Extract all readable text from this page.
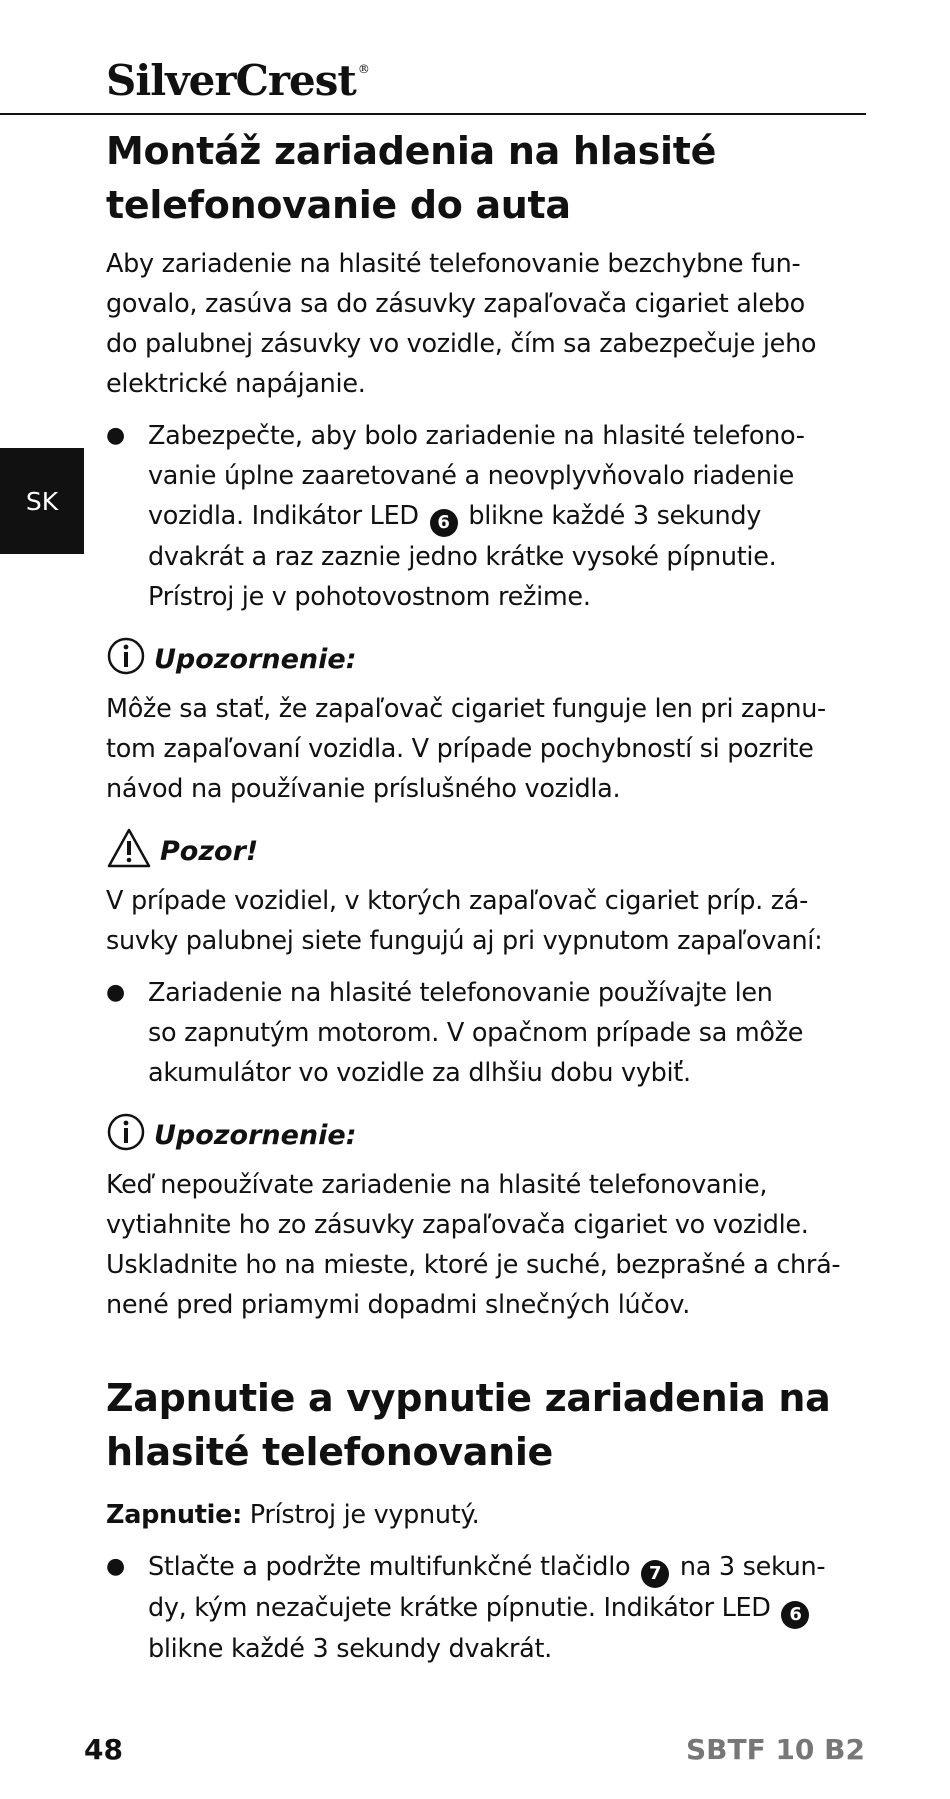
SilverCrest ®
SK
Montáž zariadenia na hlasité
telefonovanie do auta

Aby zariadenie na hlasité telefonovanie bezchybne fun-
govalo, zasúva sa do zásuvky zapaľovača cigariet alebo
do palubnej zásuvky vo vozidle, čím sa zabezpečuje jeho
elektrické napájanie.

● Zabezpečte, aby bolo zariadenie na hlasité telefono-
vanie úplne zaaretované a neovplyvňovalo riadenie
vozidla. Indikátor LED 6 blikne každé 3 sekundy
dvakrát a raz zaznie jedno krátke vysoké pípnutie.
Prístroj je v pohotovostnom režime.

Upozornenie:

Môže sa stať, že zapaľovač cigariet funguje len pri zapnu-
tom zapaľovaní vozidla. V prípade pochybností si pozrite
návod na používanie príslušného vozidla.

Pozor!

V prípade vozidiel, v ktorých zapaľovač cigariet príp. zá-
suvky palubnej siete fungujú aj pri vypnutom zapaľovaní:

● Zariadenie na hlasité telefonovanie používajte len
so zapnutým motorom. V opačnom prípade sa môže
akumulátor vo vozidle za dlhšiu dobu vybiť.

Upozornenie:

Keď nepoužívate zariadenie na hlasité telefonovanie,
vytiahnite ho zo zásuvky zapaľovača cigariet vo vozidle.
Uskladnite ho na mieste, ktoré je suché, bezprašné a chrá-
nené pred priamymi dopadmi slnečných lúčov.

Zapnutie a vypnutie zariadenia na
hlasité telefonovanie

Zapnutie: Prístroj je vypnutý.

● Stlačte a podržte multifunkčné tlačidlo 7 na 3 sekun-
dy, kým nezačujete krátke pípnutie. Indikátor LED 6
blikne každé 3 sekundy dvakrát.

48	SBTF 10 B2
